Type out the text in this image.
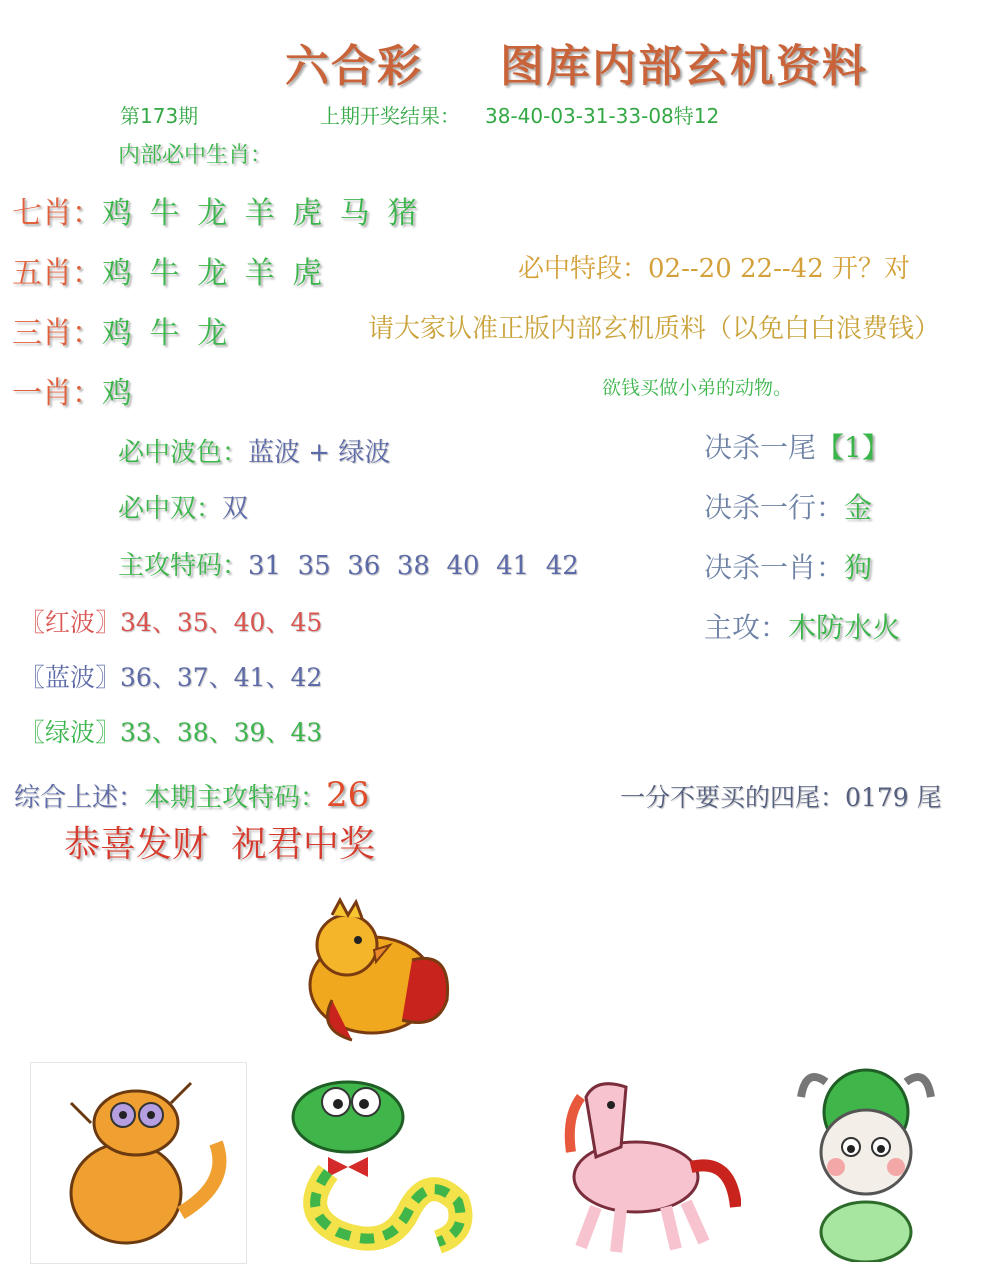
六合彩 图库内部玄机资料
第173期	上期开奖结果： 38-40-03-31-33-08特12
内部必中生肖：
七肖：鸡 牛 龙 羊 虎 马 猪
五肖：鸡 牛 龙 羊 虎
三肖：鸡 牛 龙
一肖：鸡
必中特段：02--20 22--42 开？对
请大家认准正版内部玄机质料（以免白白浪费钱）
欲钱买做小弟的动物。
必中波色：蓝波 + 绿波
必中双：双
主攻特码：31  35  36  38  40  41  42
决杀一尾【1】
决杀一行：金
决杀一肖：狗
主攻：木防水火
〖红波〗34、35、40、45
〖蓝波〗36、37、41、42
〖绿波〗33、38、39、43
综合上述：本期主攻特码：26	一分不要买的四尾：0179 尾
恭喜发财  祝君中奖
